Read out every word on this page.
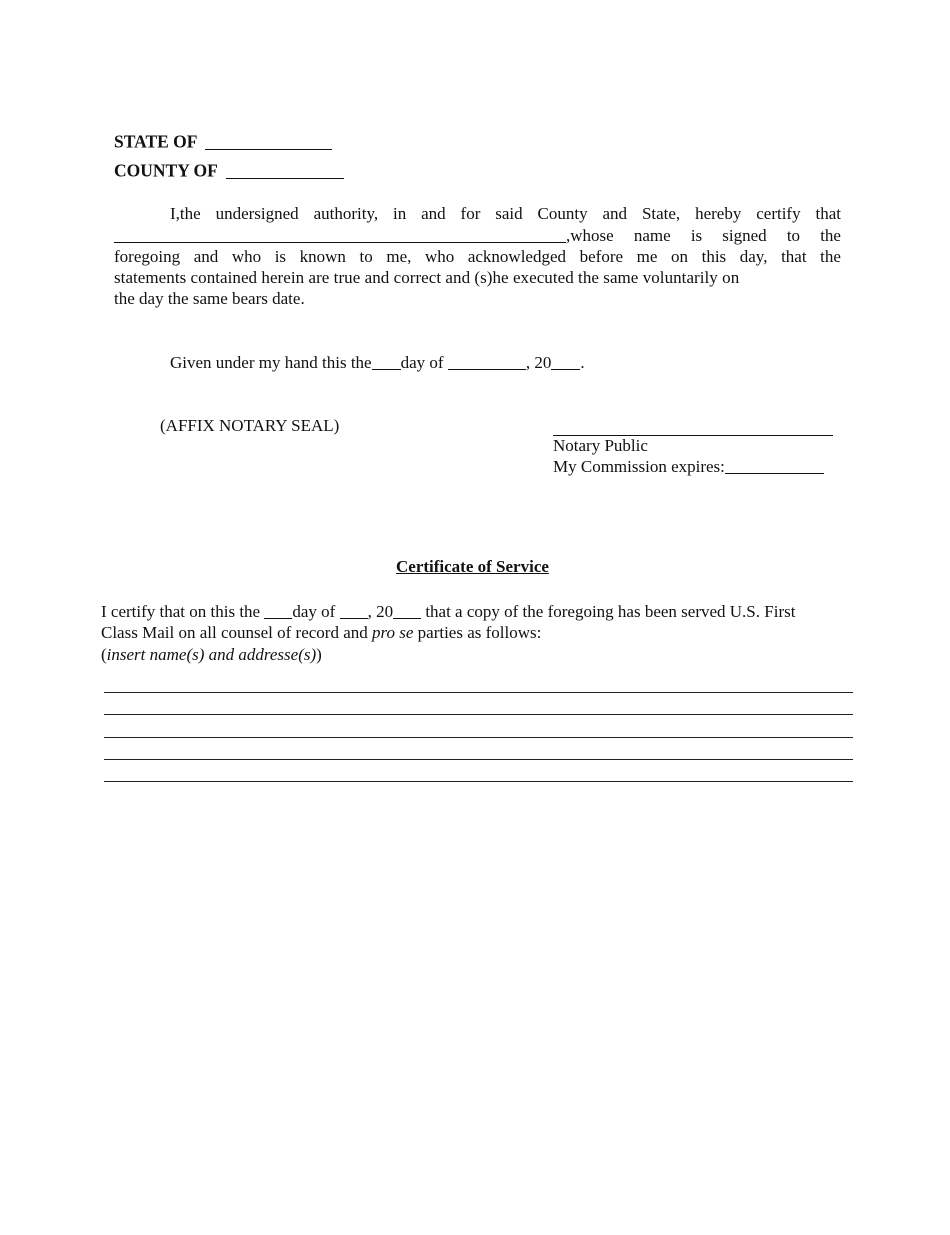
STATE OF
COUNTY OF
I,the undersigned authority, in and for said County and State, hereby certify that
,whose name is signed to the
foregoing and who is known to me, who acknowledged before me on this day, that the
statements contained herein are true and correct and (s)he executed the same voluntarily on
the day the same bears date.
Given under my hand this the day of	, 20 .
(AFFIX NOTARY SEAL)
Notary Public
My Commission expires:
Certificate of Service
I certify that on this the day of , 20 that a copy of the foregoing has been served U.S. First
Class Mail on all counsel of record and pro se parties as follows:
(insert name(s) and addresse(s))
